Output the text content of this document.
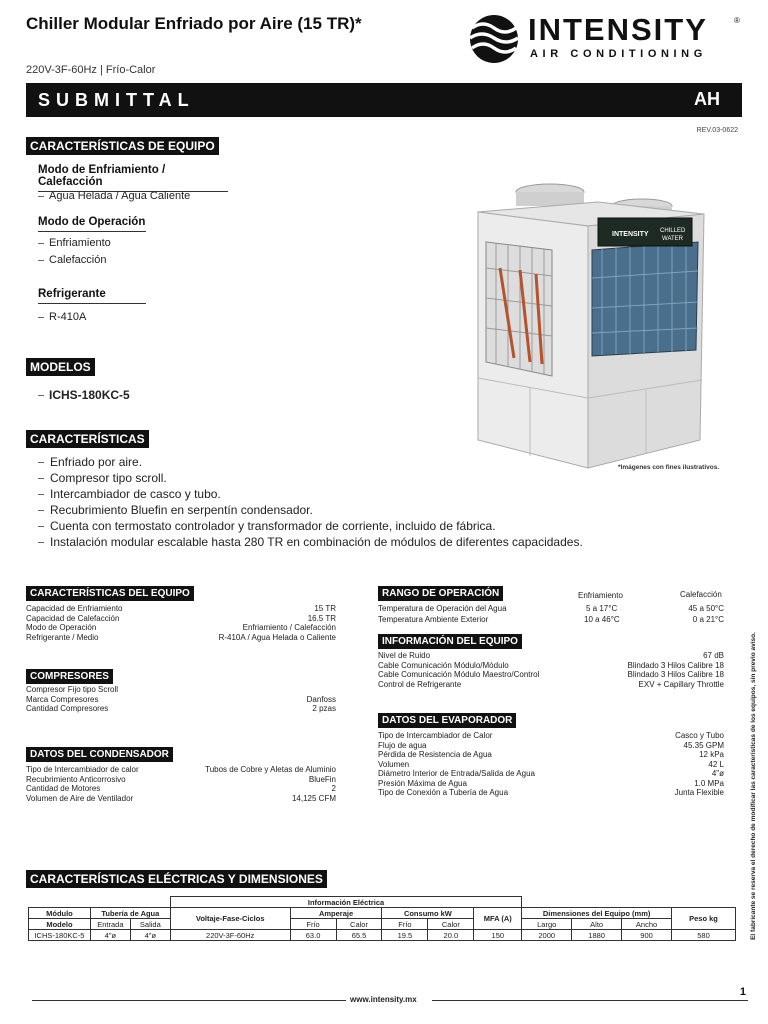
Chiller Modular Enfriado por Aire (15 TR)*
220V-3F-60Hz | Frío-Calor
INTENSITY	®
AIR CONDITIONING
SUBMITTAL	AH
REV.03-0622
CARACTERÍSTICAS DE EQUIPO
Modo de Enfriamiento / Calefacción
Agua Helada / Agua Caliente
Modo de Operación
Enfriamiento
Calefacción
Refrigerante
R-410A
MODELOS
ICHS-180KC-5
INTENSITY CHILLED
WATER
*Imágenes con fines ilustrativos.
CARACTERÍSTICAS
Enfriado por aire.
Compresor tipo scroll.
Intercambiador de casco y tubo.
Recubrimiento Bluefin en serpentín condensador.
Cuenta con termostato controlador y transformador de corriente, incluido de fábrica.
Instalación modular escalable hasta 280 TR en combinación de módulos de diferentes capacidades.
CARACTERÍSTICAS DEL EQUIPO
Capacidad de Enfriamiento	15 TR
Capacidad de Calefacción	16.5 TR
Modo de Operación	Enfriamiento / Calefacción
Refrigerante / Medio	R-410A / Agua Helada o Caliente
COMPRESORES
Compresor Fijo tipo Scroll
Marca Compresores	Danfoss
Cantidad Compresores	2 pzas
DATOS DEL CONDENSADOR
Tipo de Intercambiador de calor	Tubos de Cobre y Aletas de Aluminio
Recubrimiento Anticorrosivo	BlueFin
Cantidad de Motores	2
Volumen de Aire de Ventilador	14,125 CFM
RANGO DE OPERACIÓN	Enfriamiento	Calefacción
Temperatura de Operación del Agua	5 a 17°C	45 a 50°C
Temperatura Ambiente Exterior	10 a 46°C	0 a 21°C
INFORMACIÓN DEL EQUIPO
Nivel de Ruido	67 dB
Cable Comunicación Módulo/Módulo	Blindado 3 Hilos Calibre 18
Cable Comunicación Módulo Maestro/Control	Blindado 3 Hilos Calibre 18
Control de Refrigerante	EXV + Capillary Throttle
DATOS DEL EVAPORADOR
Tipo de Intercambiador de Calor	Casco y Tubo
Flujo de agua	45.35 GPM
Pérdida de Resistencia de Agua	12 kPa
Volumen	42 L
Diámetro Interior de Entrada/Salida de Agua	4"ø
Presión Máxima de Agua	1.0 MPa
Tipo de Conexión a Tubería de Agua	Junta Flexible
CARACTERÍSTICAS ELÉCTRICAS Y DIMENSIONES
			Información Eléctrica									
Módulo	Tubería de Agua		Voltaje-Fase-Ciclos	Amperaje		Consumo kW		MFA (A)	Dimensiones del Equipo (mm)			Peso kg
Modelo	Entrada	Salida		Frío	Calor	Frío	Calor		Largo	Alto	Ancho	
ICHS-180KC-5	4"ø	4"ø	220V-3F-60Hz	63.0	65.5	19.5	20.0	150	2000	1880	900	580	El fabricante se reserva el derecho de modificar las características de los equipos, sin previo aviso.
www.intensity.mx
1
